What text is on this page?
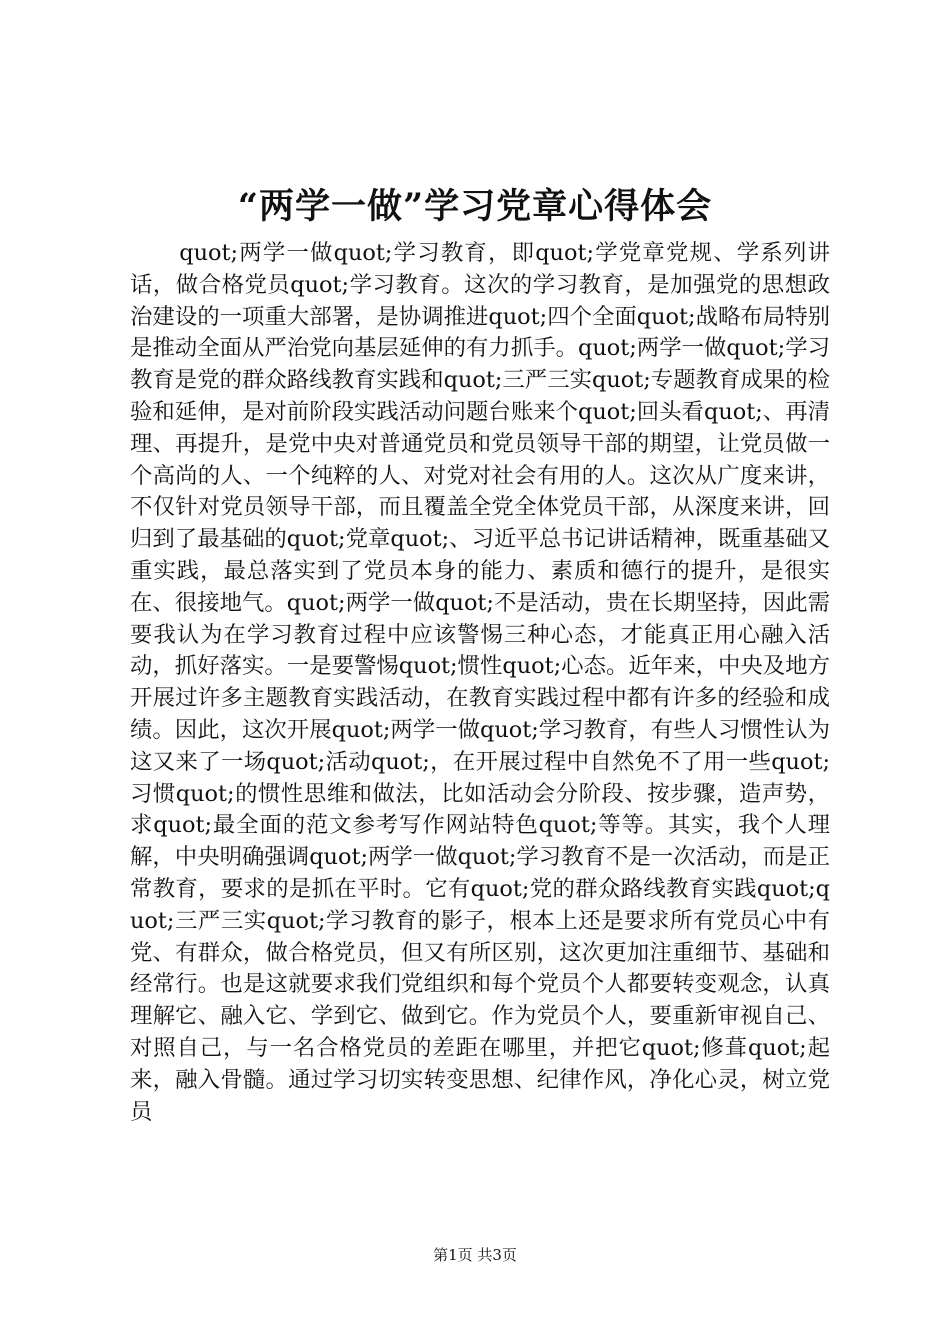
“两学一做”学习党章心得体会

quot;两学一做quot;学习教育，即quot;学党章党规、学系列讲话，做合格党员quot;学习教育。这次的学习教育，是加强党的思想政治建设的一项重大部署，是协调推进quot;四个全面quot;战略布局特别是推动全面从严治党向基层延伸的有力抓手。quot;两学一做quot;学习教育是党的群众路线教育实践和quot;三严三实quot;专题教育成果的检验和延伸，是对前阶段实践活动问题台账来个quot;回头看quot;、再清理、再提升，是党中央对普通党员和党员领导干部的期望，让党员做一个高尚的人、一个纯粹的人、对党对社会有用的人。这次从广度来讲，不仅针对党员领导干部，而且覆盖全党全体党员干部，从深度来讲，回归到了最基础的quot;党章quot;、习近平总书记讲话精神，既重基础又重实践，最总落实到了党员本身的能力、素质和德行的提升，是很实在、很接地气。quot;两学一做quot;不是活动，贵在长期坚持，因此需要我认为在学习教育过程中应该警惕三种心态，才能真正用心融入活动，抓好落实。一是要警惕quot;惯性quot;心态。近年来，中央及地方开展过许多主题教育实践活动，在教育实践过程中都有许多的经验和成绩。因此，这次开展quot;两学一做quot;学习教育，有些人习惯性认为这又来了一场quot;活动quot;，在开展过程中自然免不了用一些quot;习惯quot;的惯性思维和做法，比如活动会分阶段、按步骤，造声势，求quot;最全面的范文参考写作网站特色quot;等等。其实，我个人理解，中央明确强调quot;两学一做quot;学习教育不是一次活动，而是正常教育，要求的是抓在平时。它有quot;党的群众路线教育实践quot;quot;三严三实quot;学习教育的影子，根本上还是要求所有党员心中有党、有群众，做合格党员，但又有所区别，这次更加注重细节、基础和经常行。也是这就要求我们党组织和每个党员个人都要转变观念，认真理解它、融入它、学到它、做到它。作为党员个人，要重新审视自己、对照自己，与一名合格党员的差距在哪里，并把它quot;修葺quot;起来，融入骨髓。通过学习切实转变思想、纪律作风，净化心灵，树立党员

第1页 共3页
